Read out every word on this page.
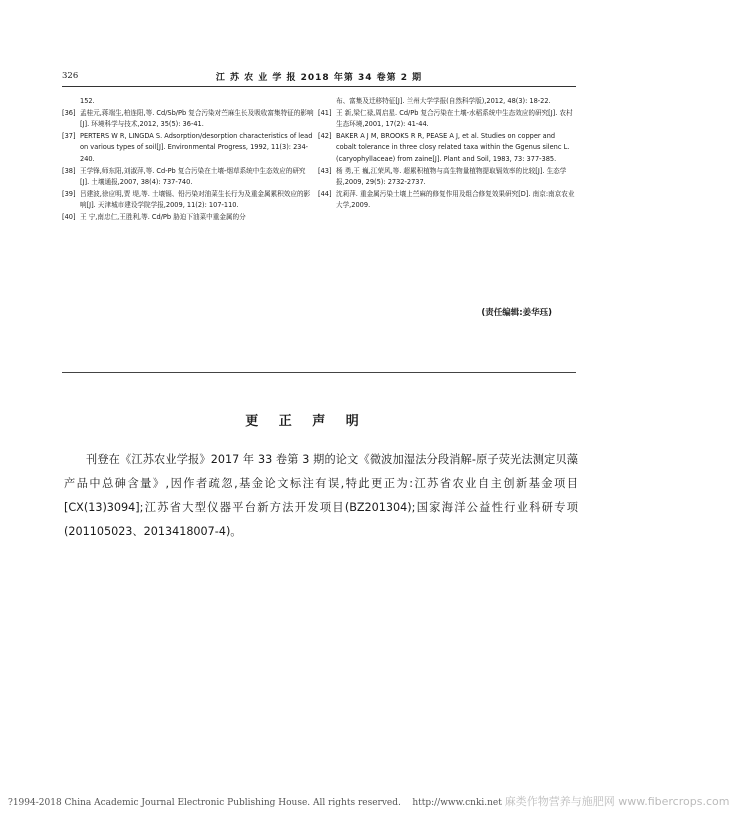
326	江 苏 农 业 学 报 2018 年第 34 卷第 2 期

152.

[36] 孟桂元,蒋端生,柏连阳,等. Cd/Sb/Pb 复合污染对苎麻生长及吸收富集特征的影响[J]. 环境科学与技术,2012, 35(5): 36-41.

[37] PERTERS W R, LINGDA S. Adsorption/desorption characteristics of lead on various types of soil[J]. Environmental Progress, 1992, 11(3): 234-240.

[38] 王学锋,师东阳,刘淑萍,等. Cd-Pb 复合污染在土壤-烟草系统中生态效应的研究[J]. 土壤通报,2007, 38(4): 737-740.

[39] 吕建波,徐应明,贾 堤,等. 土壤镉、铅污染对油菜生长行为及重金属累积效应的影响[J]. 天津城市建设学院学报,2009, 11(2): 107-110.

[40] 王 宁,南忠仁,王胜利,等. Cd/Pb 胁迫下油菜中重金属的分

布、富集及迁移特征[J]. 兰州大学学报(自然科学版),2012, 48(3): 18-22.

[41] 王 新,梁仁禄,周启星. Cd/Pb 复合污染在土壤-水稻系统中生态效应的研究[J]. 农村生态环境,2001, 17(2): 41-44.

[42] BAKER A J M, BROOKS R R, PEASE A J, et al. Studies on copper and cobalt tolerance in three closy related taxa within the Ggenus silenc L. (caryophyllaceae) from zaine[J]. Plant and Soil, 1983, 73: 377-385.

[43] 杨 勇,王 巍,江荣风,等. 超累积植物与高生物量植物提取镉效率的比较[J]. 生态学报,2009, 29(5): 2732-2737.

[44] 沈莉萍. 重金属污染土壤上苎麻的修复作用及组合修复效果研究[D]. 南京:南京农业大学,2009.

(责任编辑:姜华珏)
更 正 声 明

刊登在《江苏农业学报》2017 年 33 卷第 3 期的论文《微波加湿法分段消解-原子荧光法测定贝藻产品中总砷含量》,因作者疏忽,基金论文标注有误,特此更正为:江苏省农业自主创新基金项目[CX(13)3094];江苏省大型仪器平台新方法开发项目(BZ201304);国家海洋公益性行业科研专项(201105023、2013418007-4)。

?1994-2018 China Academic Journal Electronic Publishing House. All rights reserved. http://www.cnki.net 麻类作物营养与施肥网 www.fibercrops.com
